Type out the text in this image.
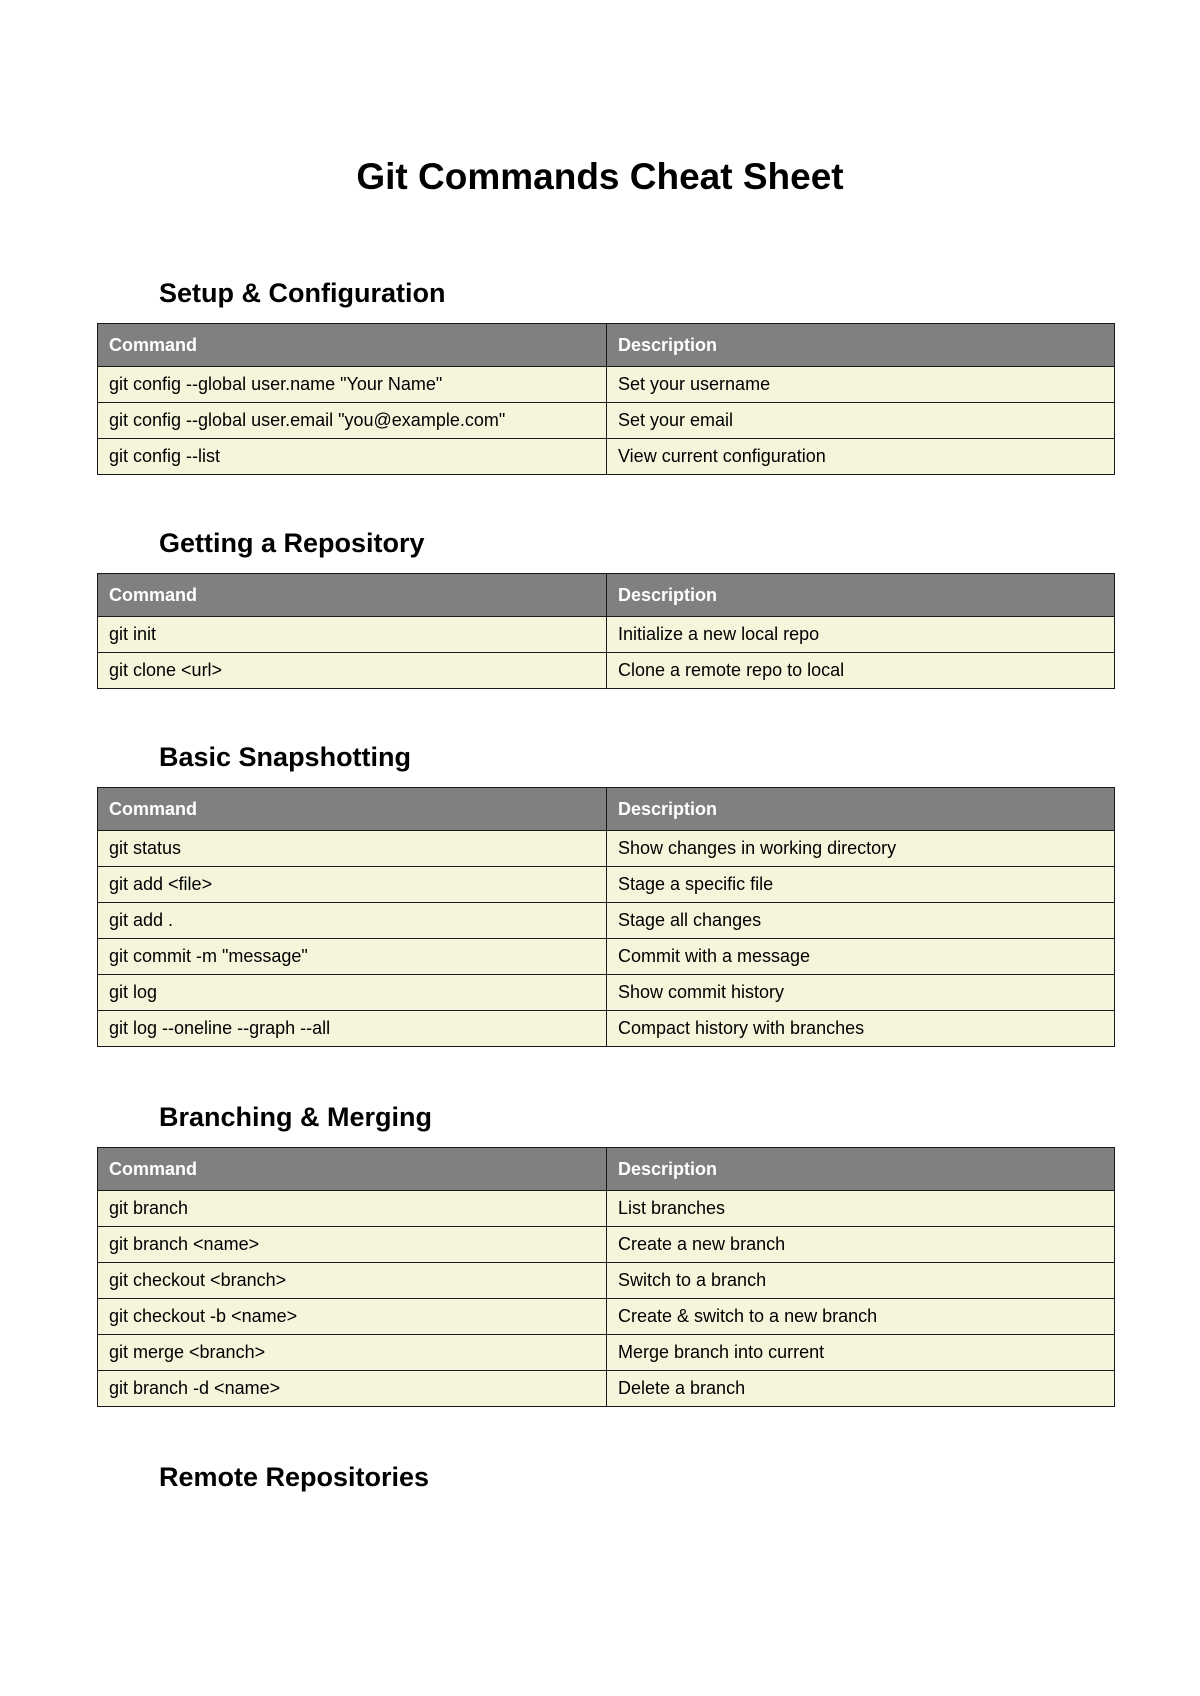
Git Commands Cheat Sheet
Setup & Configuration
Command	Description
git config --global user.name "Your Name"	Set your username
git config --global user.email "you@example.com"	Set your email
git config --list	View current configuration
Getting a Repository
Command	Description
git init	Initialize a new local repo
git clone <url>	Clone a remote repo to local
Basic Snapshotting
Command	Description
git status	Show changes in working directory
git add <file>	Stage a specific file
git add .	Stage all changes
git commit -m "message"	Commit with a message
git log	Show commit history
git log --oneline --graph --all	Compact history with branches
Branching & Merging
Command	Description
git branch	List branches
git branch <name>	Create a new branch
git checkout <branch>	Switch to a branch
git checkout -b <name>	Create & switch to a new branch
git merge <branch>	Merge branch into current
git branch -d <name>	Delete a branch
Remote Repositories
